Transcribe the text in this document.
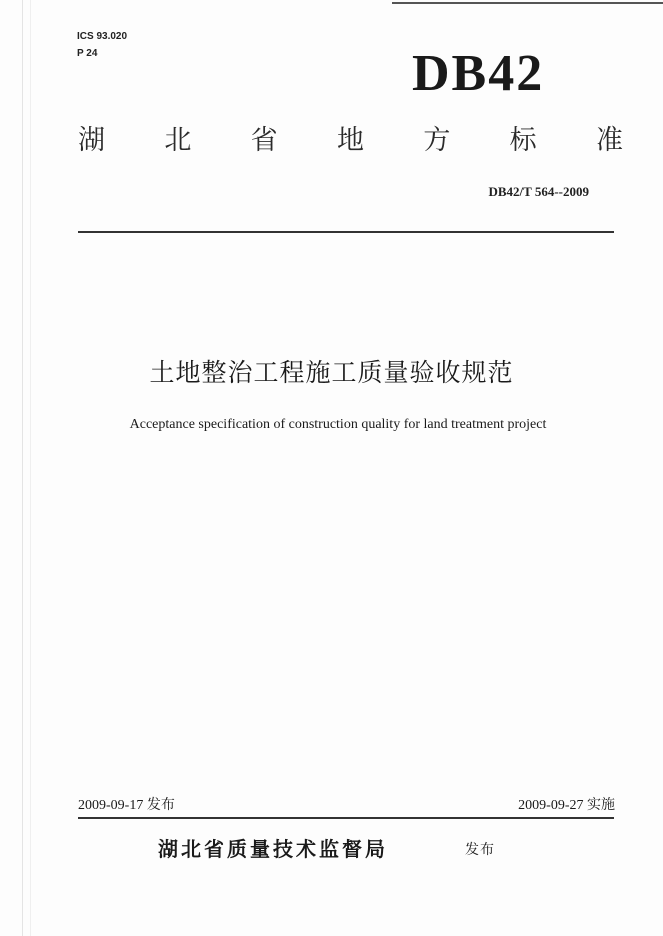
ICS 93.020
P 24	DB42
湖 北 省 地 方 标 准
DB42/T 564--2009
土地整治工程施工质量验收规范
Acceptance specification of construction quality for land treatment project
2009-09-17 发布	2009-09-27 实施
湖北省质量技术监督局	发布
